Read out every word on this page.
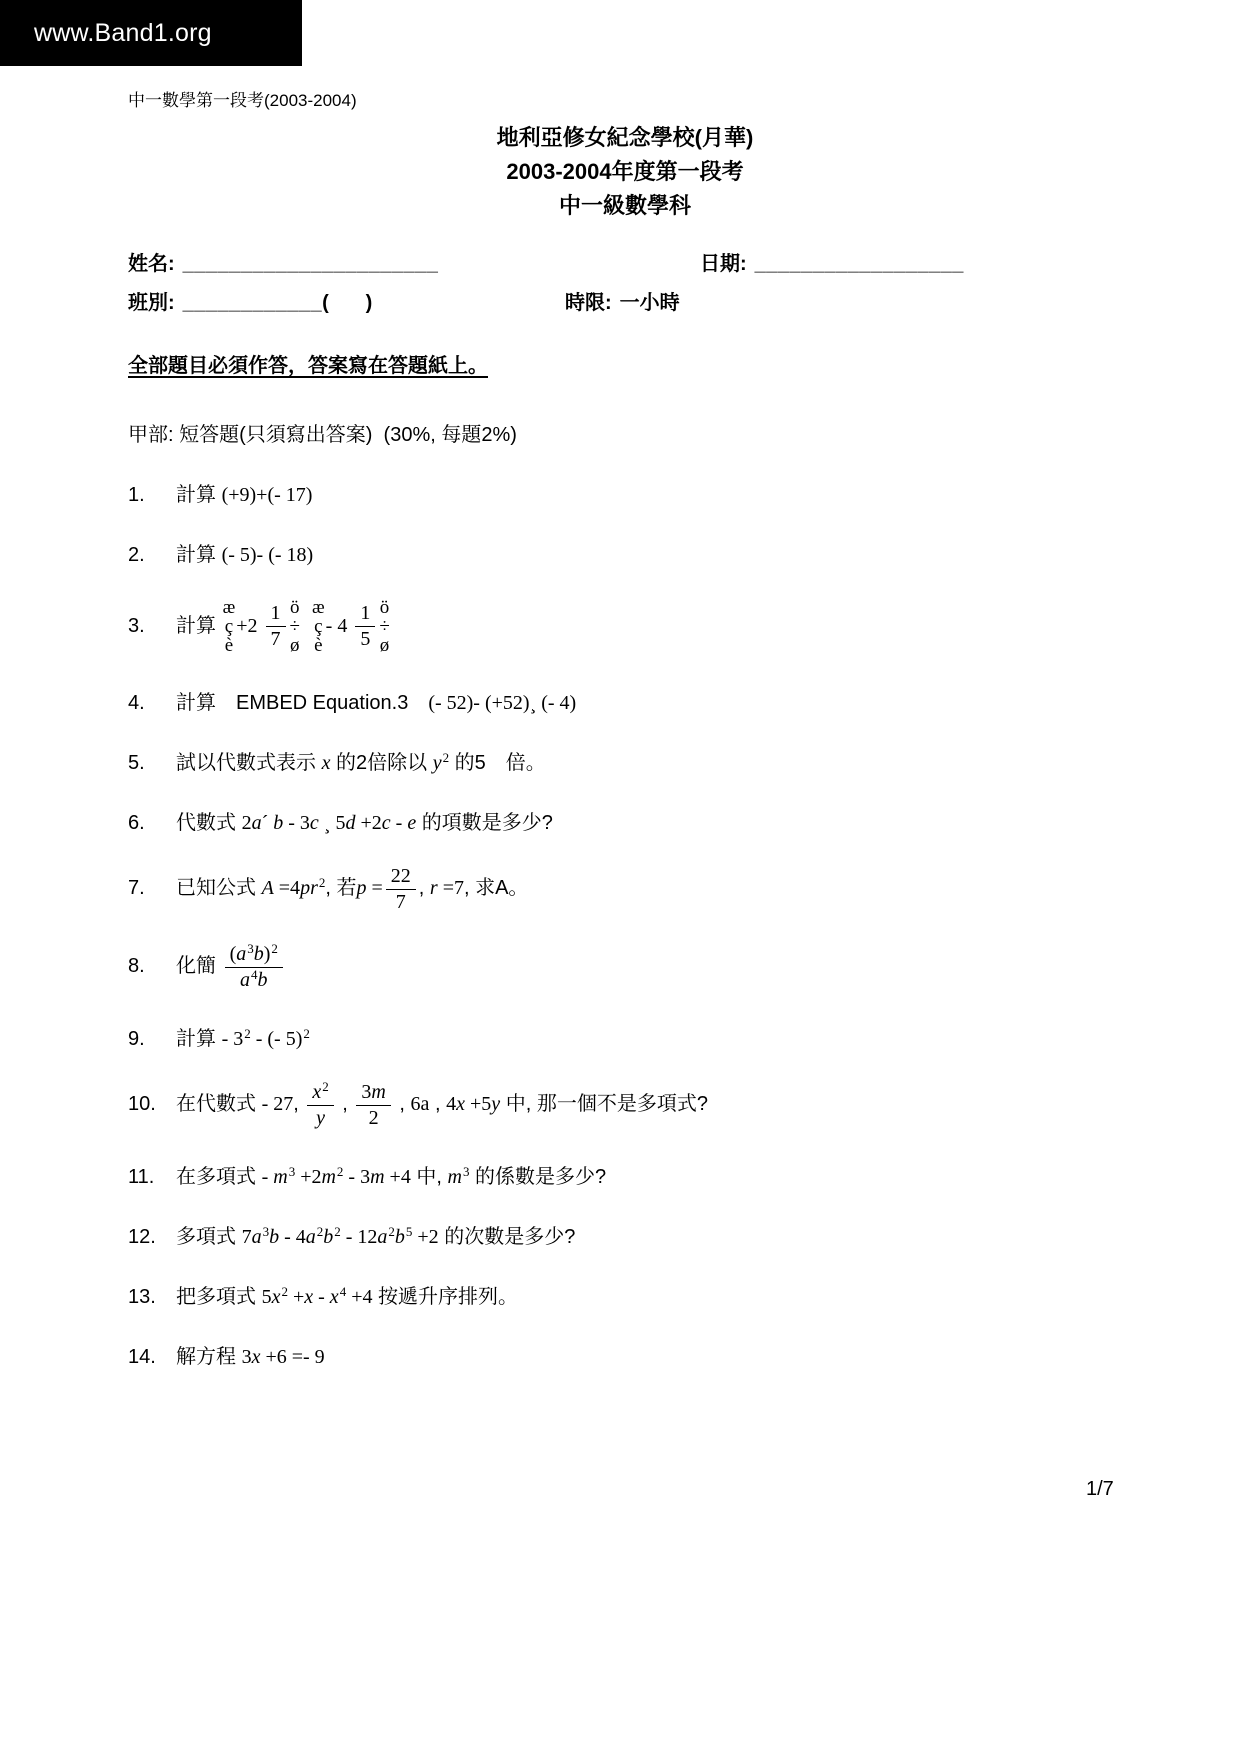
www.Band1.org
中一數學第一段考(2003-2004)
地利亞修女紀念學校(月華)
2003-2004年度第一段考
中一級數學科
姓名: ______________________	日期: __________________
班別: ____________(      )	時限: 一小時
全部題目必須作答，答案寫在答題紙上。
甲部: 短答題(只須寫出答案)  (30%, 每題2%)
1.	計算 (+9)+(- 17)
2.	計算 (- 5)- (- 18)
3.	計算
æ
ç
è
$+2 \frac{1}{7}$ ö
÷
ø

æ
ç
è
- $4 \frac{1}{5}$ ö
÷
ø
4.	計算　EMBED Equation.3　(- 52)- (+52)¸ (- 4)
5.	試以代數式表示 x 的2倍除以 $y^2$ 的5　倍。
6.	代數式 2a´ b - 3c ¸ 5d +2c - e 的項數是多少?
7.	已知公式 $A =4pr^2$, 若$p = \frac{22}{7}$ , r =7, 求A。
8.	化簡 $\frac{(a^3b)^2}{a^4b}$
9.	計算 - $3^2$ - (- 5)$^2$
10.	在代數式 - 27, $\frac{x^2}{y}$ , $\frac{3m}{2}$ , 6a , 4x +5y 中, 那一個不是多項式?
11.	在多項式 - $m^3 +2m^2 - 3m +4$ 中, $m^3$ 的係數是多少?
12.	多項式 $7a^3b - 4a^2b^2 - 12a^2b^5 +2$ 的次數是多少?
13.	把多項式 $5x^2 +x - x^4 +4$ 按遞升序排列。
14.	解方程 3x +6 =- 9
1/7
